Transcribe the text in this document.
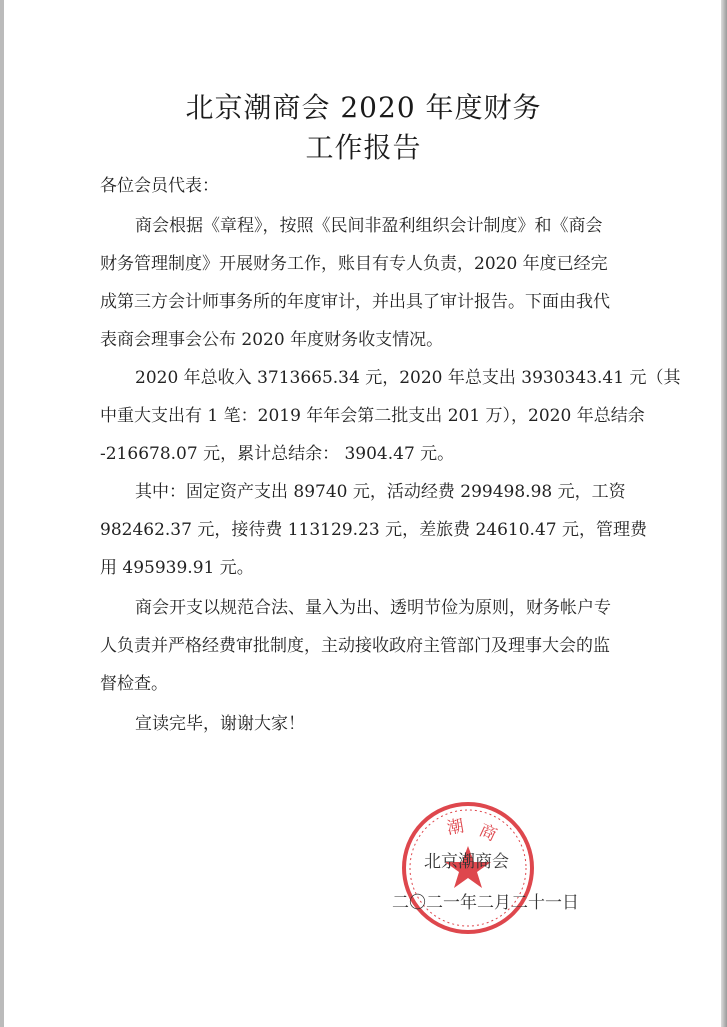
北京潮商会 2020 年度财务
工作报告
各位会员代表：
商会根据《章程》，按照《民间非盈利组织会计制度》和《商会
财务管理制度》开展财务工作，账目有专人负责，2020 年度已经完
成第三方会计师事务所的年度审计，并出具了审计报告。下面由我代
表商会理事会公布 2020 年度财务收支情况。
2020 年总收入 3713665.34 元，2020 年总支出 3930343.41 元（其
中重大支出有 1 笔：2019 年年会第二批支出 201 万），2020 年总结余
-216678.07 元，累计总结余： 3904.47 元。
其中：固定资产支出 89740 元，活动经费 299498.98 元，工资
982462.37 元，接待费 113129.23 元，差旅费 24610.47 元，管理费
用 495939.91 元。
商会开支以规范合法、量入为出、透明节俭为原则，财务帐户专
人负责并严格经费审批制度，主动接收政府主管部门及理事大会的监
督检查。
宣读完毕，谢谢大家！
潮 商
北京潮商会
二〇二一年二月二十一日
